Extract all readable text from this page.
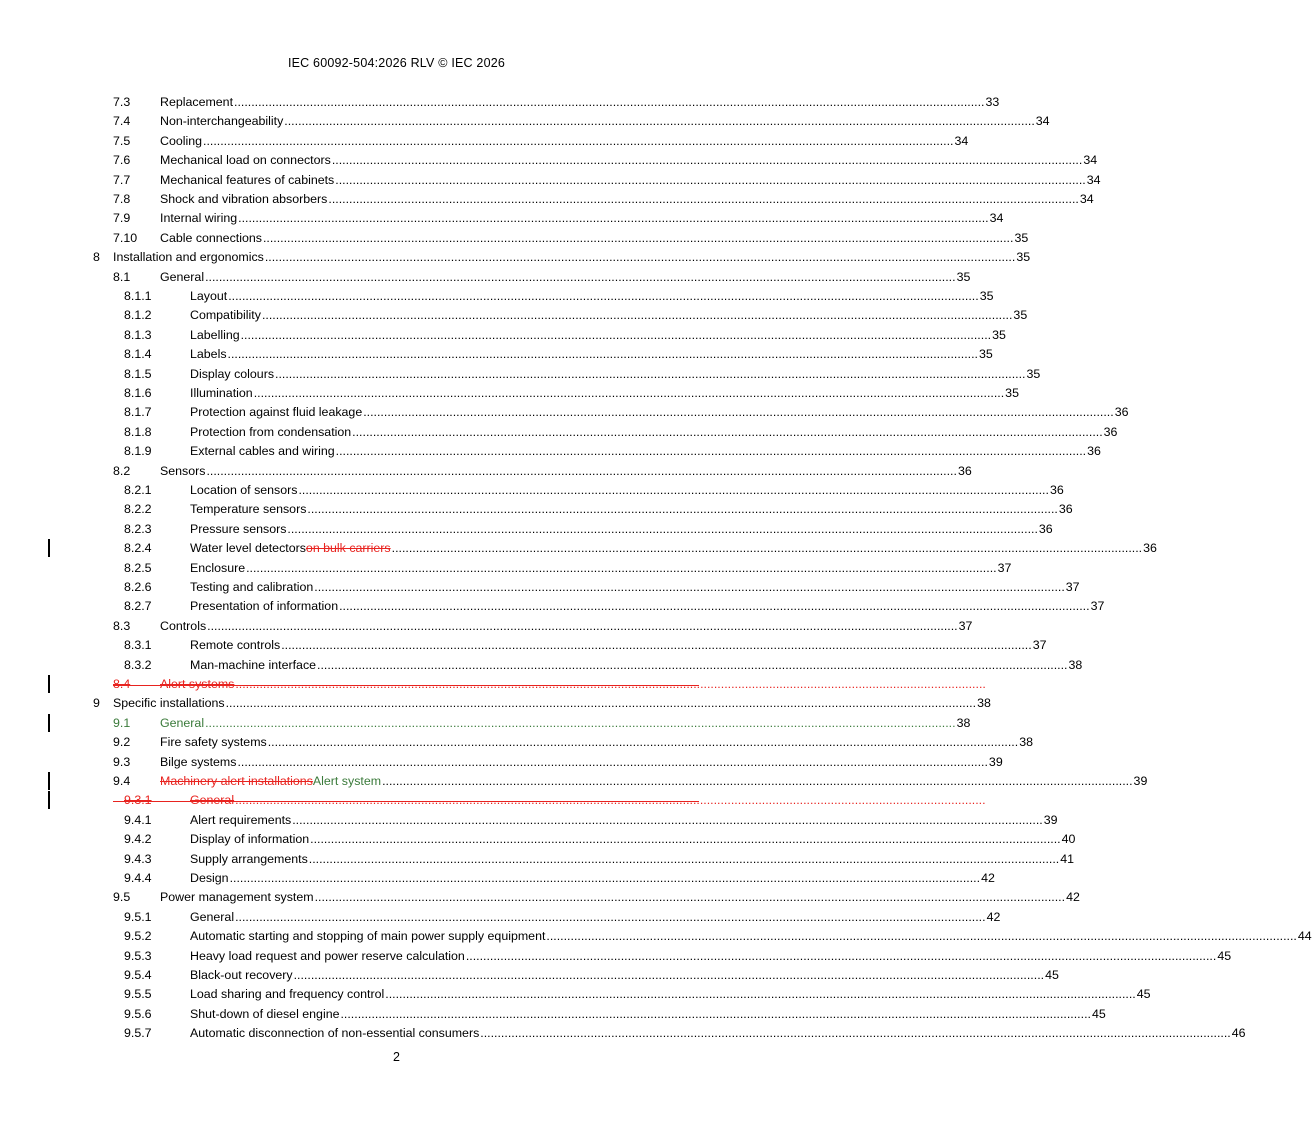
IEC 60092-504:2026 RLV © IEC 2026
7.3 Replacement .......................................................................................................................................................................................................................... 33
7.4 Non-interchangeability .......................................................................................................................................................................................................................... 34
7.5 Cooling .......................................................................................................................................................................................................................... 34
7.6 Mechanical load on connectors .......................................................................................................................................................................................................................... 34
7.7 Mechanical features of cabinets .......................................................................................................................................................................................................................... 34
7.8 Shock and vibration absorbers .......................................................................................................................................................................................................................... 34
7.9 Internal wiring .......................................................................................................................................................................................................................... 34
7.10 Cable connections .......................................................................................................................................................................................................................... 35
8 Installation and ergonomics .......................................................................................................................................................................................................................... 35
8.1 General .......................................................................................................................................................................................................................... 35
8.1.1	Layout .......................................................................................................................................................................................................................... 35
8.1.2	Compatibility .......................................................................................................................................................................................................................... 35
8.1.3	Labelling .......................................................................................................................................................................................................................... 35
8.1.4	Labels .......................................................................................................................................................................................................................... 35
8.1.5	Display colours .......................................................................................................................................................................................................................... 35
8.1.6	Illumination .......................................................................................................................................................................................................................... 35
8.1.7	Protection against fluid leakage .......................................................................................................................................................................................................................... 36
8.1.8	Protection from condensation .......................................................................................................................................................................................................................... 36
8.1.9	External cables and wiring .......................................................................................................................................................................................................................... 36
8.2 Sensors .......................................................................................................................................................................................................................... 36
8.2.1	Location of sensors .......................................................................................................................................................................................................................... 36
8.2.2	Temperature sensors .......................................................................................................................................................................................................................... 36
8.2.3	Pressure sensors .......................................................................................................................................................................................................................... 36
8.2.4	Water level detectors on bulk carriers .......................................................................................................................................................................................................................... 36
8.2.5	Enclosure .......................................................................................................................................................................................................................... 37
8.2.6	Testing and calibration .......................................................................................................................................................................................................................... 37
8.2.7	Presentation of information .......................................................................................................................................................................................................................... 37
8.3 Controls .......................................................................................................................................................................................................................... 37
8.3.1	Remote controls .......................................................................................................................................................................................................................... 37
8.3.2	Man-machine interface .......................................................................................................................................................................................................................... 38
8.4 Alert systems ..........................................................................................................................................................................................................................
9 Specific installations .......................................................................................................................................................................................................................... 38
9.1 General .......................................................................................................................................................................................................................... 38
9.2 Fire safety systems .......................................................................................................................................................................................................................... 38
9.3 Bilge systems .......................................................................................................................................................................................................................... 39
9.4 Machinery alert installations Alert system .......................................................................................................................................................................................................................... 39
9.3.1	General ..........................................................................................................................................................................................................................
9.4.1	Alert requirements .......................................................................................................................................................................................................................... 39
9.4.2	Display of information .......................................................................................................................................................................................................................... 40
9.4.3	Supply arrangements .......................................................................................................................................................................................................................... 41
9.4.4	Design .......................................................................................................................................................................................................................... 42
9.5 Power management system .......................................................................................................................................................................................................................... 42
9.5.1	General .......................................................................................................................................................................................................................... 42
9.5.2	Automatic starting and stopping of main power supply equipment .......................................................................................................................................................................................................................... 44
9.5.3	Heavy load request and power reserve calculation .......................................................................................................................................................................................................................... 45
9.5.4	Black-out recovery .......................................................................................................................................................................................................................... 45
9.5.5	Load sharing and frequency control .......................................................................................................................................................................................................................... 45
9.5.6	Shut-down of diesel engine .......................................................................................................................................................................................................................... 45
9.5.7	Automatic disconnection of non-essential consumers .......................................................................................................................................................................................................................... 46
2
